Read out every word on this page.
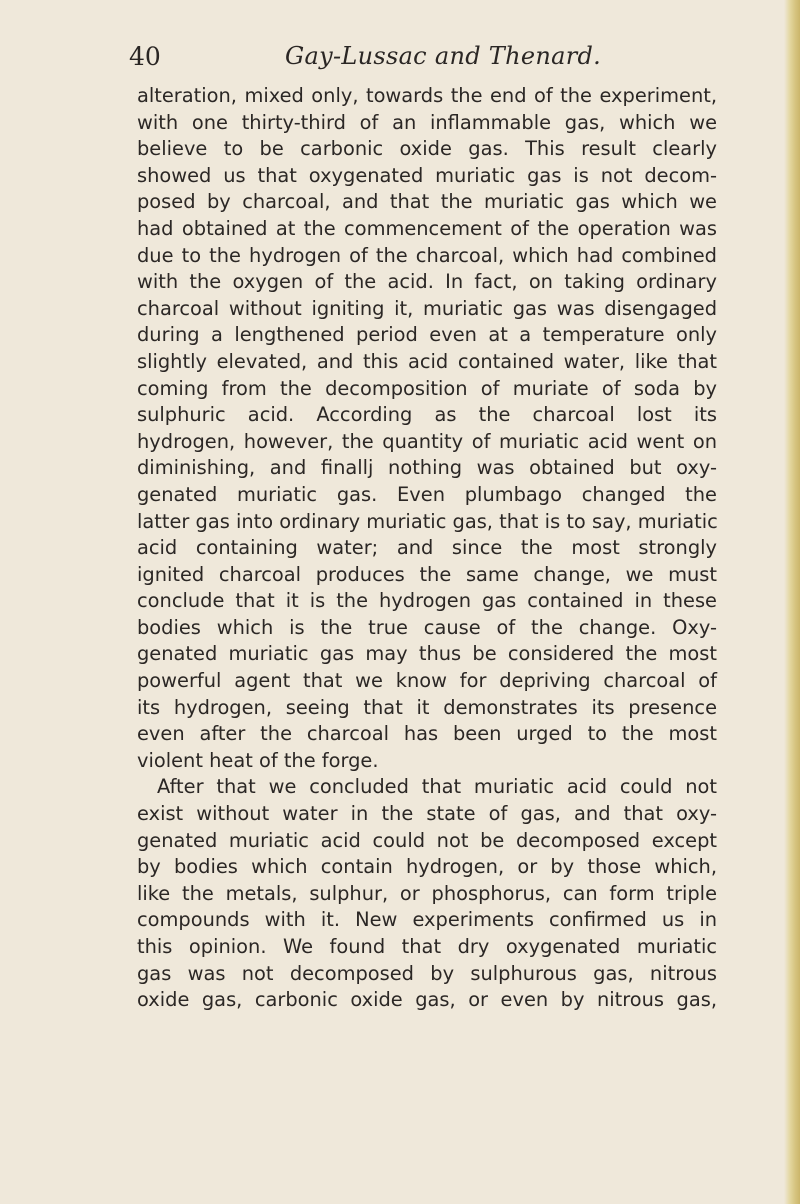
40	Gay-Lussac and Thenard.
alteration, mixed only, towards the end of the experiment,
with one thirty-third of an inflammable gas, which we
believe to be carbonic oxide gas. This result clearly
showed us that oxygenated muriatic gas is not decom-
posed by charcoal, and that the muriatic gas which we
had obtained at the commencement of the operation was
due to the hydrogen of the charcoal, which had combined
with the oxygen of the acid. In fact, on taking ordinary
charcoal without igniting it, muriatic gas was disengaged
during a lengthened period even at a temperature only
slightly elevated, and this acid contained water, like that
coming from the decomposition of muriate of soda by
sulphuric acid. According as the charcoal lost its
hydrogen, however, the quantity of muriatic acid went on
diminishing, and finallj nothing was obtained but oxy-
genated muriatic gas. Even plumbago changed the
latter gas into ordinary muriatic gas, that is to say, muriatic
acid containing water; and since the most strongly
ignited charcoal produces the same change, we must
conclude that it is the hydrogen gas contained in these
bodies which is the true cause of the change. Oxy-
genated muriatic gas may thus be considered the most
powerful agent that we know for depriving charcoal of
its hydrogen, seeing that it demonstrates its presence
even after the charcoal has been urged to the most
violent heat of the forge.
After that we concluded that muriatic acid could not
exist without water in the state of gas, and that oxy-
genated muriatic acid could not be decomposed except
by bodies which contain hydrogen, or by those which,
like the metals, sulphur, or phosphorus, can form triple
compounds with it. New experiments confirmed us in
this opinion. We found that dry oxygenated muriatic
gas was not decomposed by sulphurous gas, nitrous
oxide gas, carbonic oxide gas, or even by nitrous gas,
